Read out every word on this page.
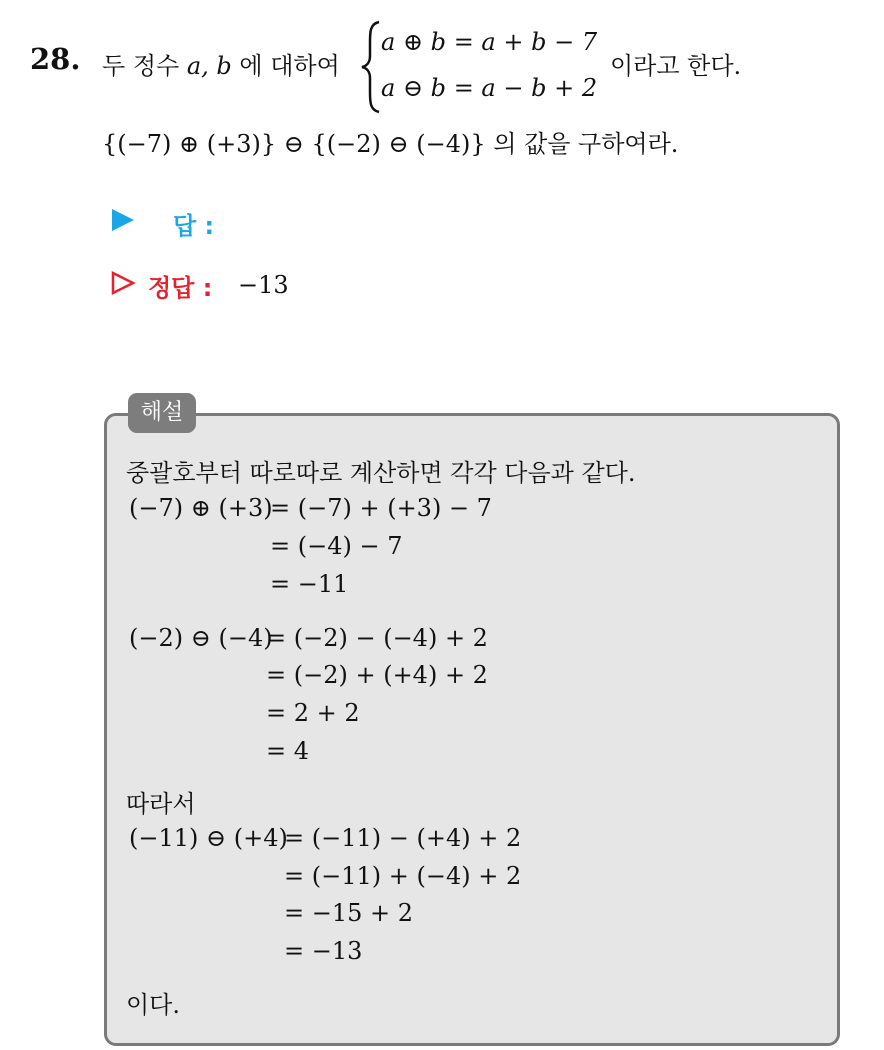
28. 두 정수 a, b 에 대하여
a ⊕ b = a + b − 7
a ⊖ b = a − b + 2
이라고 한다.
{(−7) ⊕ (+3)} ⊖ {(−2) ⊖ (−4)} 의 값을 구하여라.
답 :
정답 : −13
해설
중괄호부터 따로따로 계산하면 각각 다음과 같다.
(−7) ⊕ (+3)
= (−7) + (+3) − 7
= (−4) − 7
= −11
(−2) ⊖ (−4)
= (−2) − (−4) + 2
= (−2) + (+4) + 2
= 2 + 2
= 4
따라서
(−11) ⊖ (+4)
= (−11) − (+4) + 2
= (−11) + (−4) + 2
= −15 + 2
= −13
이다.
